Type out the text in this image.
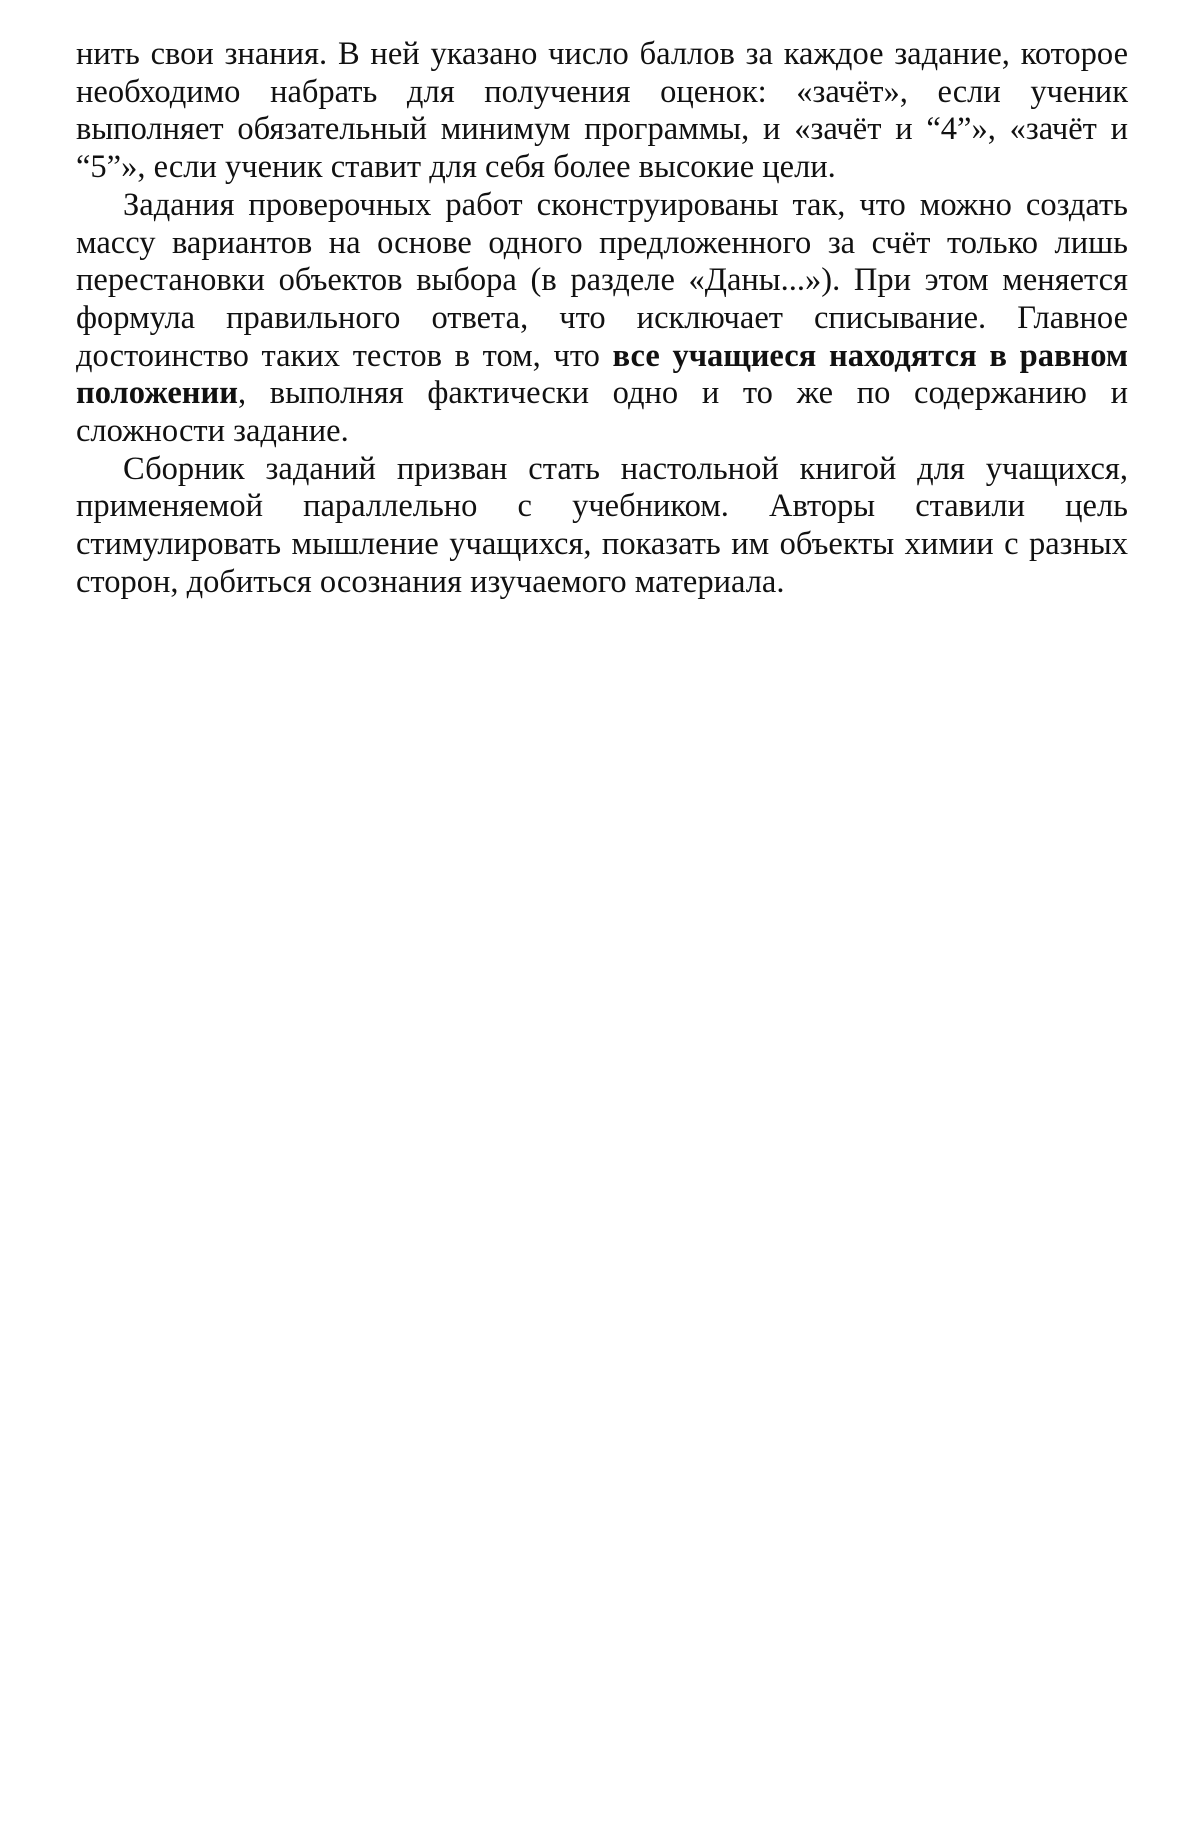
нить свои знания. В ней указано число баллов за каждое задание, которое необходимо набрать для получения оценок: «зачёт», если ученик выполняет обязательный минимум программы, и «зачёт и “4”», «зачёт и “5”», если ученик ставит для себя более высокие цели.

Задания проверочных работ сконструированы так, что можно создать массу вариантов на основе одного предложенного за счёт только лишь перестановки объектов выбора (в разделе «Даны...»). При этом меняется формула правильного ответа, что исключает списывание. Главное достоинство таких тестов в том, что все учащиеся находятся в равном положении, выполняя фактически одно и то же по содержанию и сложности задание.

Сборник заданий призван стать настольной книгой для учащихся, применяемой параллельно с учебником. Авторы ставили цель стимулировать мышление учащихся, показать им объекты химии с разных сторон, добиться осознания изучаемого материала.
